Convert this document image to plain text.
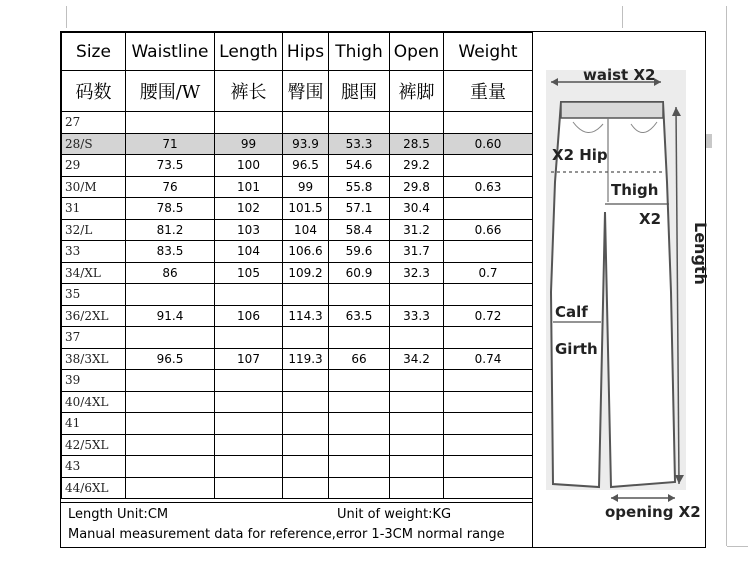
Size	Waistline	Length	Hips	Thigh	Open	Weight
码数	腰围/W	裤长	臀围	腿围	裤脚	重量
27						
28/S	71	99	93.9	53.3	28.5	0.60
29	73.5	100	96.5	54.6	29.2	
30/M	76	101	99	55.8	29.8	0.63
31	78.5	102	101.5	57.1	30.4	
32/L	81.2	103	104	58.4	31.2	0.66
33	83.5	104	106.6	59.6	31.7	
34/XL	86	105	109.2	60.9	32.3	0.7
35						
36/2XL	91.4	106	114.3	63.5	33.3	0.72
37						
38/3XL	96.5	107	119.3	66	34.2	0.74
39						
40/4XL						
41						
42/5XL						
43						
44/6XL						
Length Unit:CM	Unit of weight:KG
Manual measurement data for reference,error 1-3CM normal range
waist X2
X2 Hip
Thigh
X2
Calf
Girth
Length
opening X2
